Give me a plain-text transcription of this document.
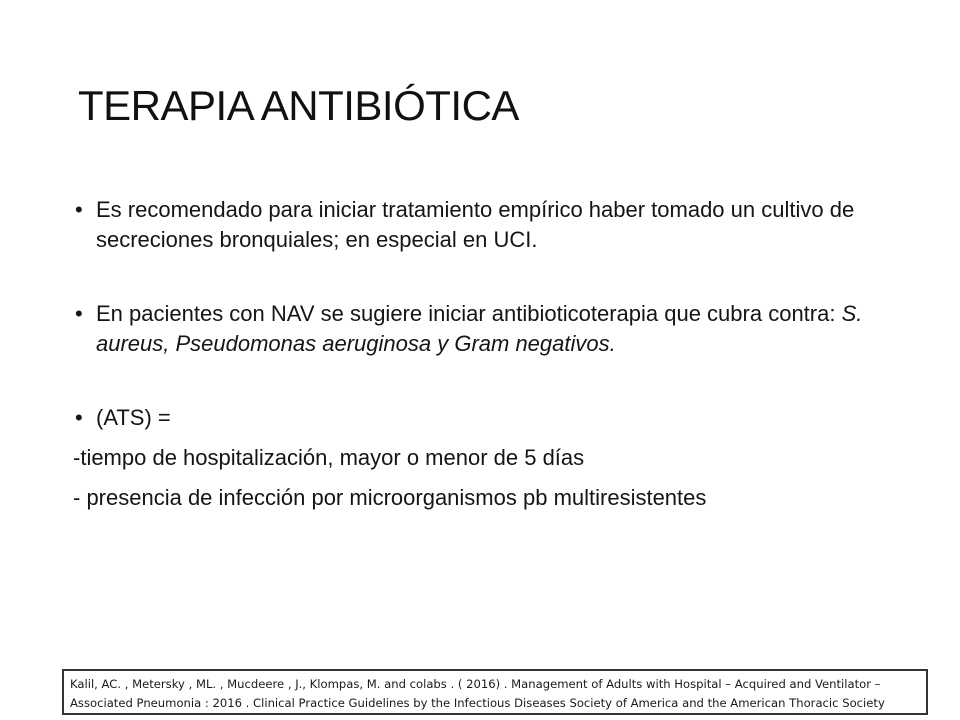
TERAPIA ANTIBIÓTICA

• Es recomendado para iniciar tratamiento empírico haber tomado un cultivo de secreciones bronquiales; en especial en UCI.

• En pacientes con NAV se sugiere iniciar antibioticoterapia que cubra contra: S. aureus, Pseudomonas aeruginosa y Gram negativos.

• (ATS) =

-tiempo de hospitalización, mayor o menor de 5 días

- presencia de infección por microorganismos pb multiresistentes

Kalil, AC. , Metersky , ML. , Mucdeere , J., Klompas, M. and colabs . ( 2016) . Management of Adults with Hospital – Acquired and Ventilator –
Associated Pneumonia : 2016 . Clinical Practice Guidelines by the Infectious Diseases Society of America and the American Thoracic Society
